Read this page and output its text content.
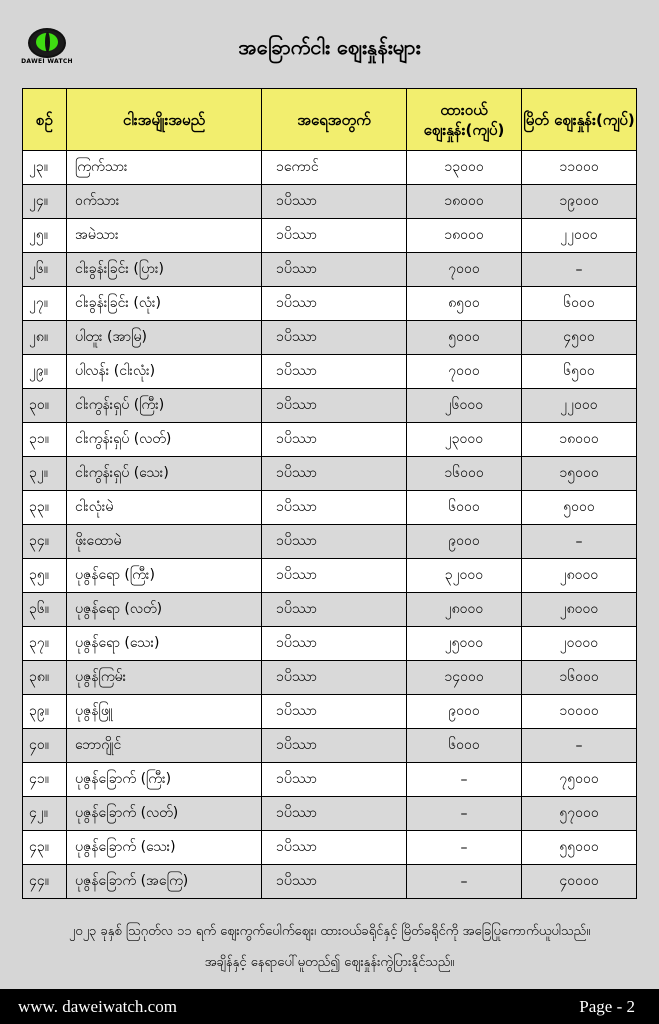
DAWEI WATCH
အခြောက်ငါး ဈေးနှုန်းများ
စဉ်	ငါးအမျိုးအမည်	အရေအတွက်	ထားဝယ် ဈေးနှုန်း(ကျပ်)	မြိတ် ဈေးနှုန်း(ကျပ်)
၂၃။	ကြက်သား	၁ကောင်	၁၃၀၀၀	၁၁၀၀၀
၂၄။	ဝက်သား	၁ပိဿာ	၁၈၀၀၀	၁၉၀၀၀
၂၅။	အမဲသား	၁ပိဿာ	၁၈၀၀၀	၂၂၀၀၀
၂၆။	ငါးခွန်းခြင်း (ပြား)	၁ပိဿာ	၇၀၀၀	–
၂၇။	ငါးခွန်းခြင်း (လုံး)	၁ပိဿာ	၈၅၀၀	၆၀၀၀
၂၈။	ပါတူး (အာမြ)	၁ပိဿာ	၅၀၀၀	၄၅၀၀
၂၉။	ပါလန်း (ငါးလုံး)	၁ပိဿာ	၇၀၀၀	၆၅၀၀
၃၀။	ငါးကွန်းရှပ် (ကြီး)	၁ပိဿာ	၂၆၀၀၀	၂၂၀၀၀
၃၁။	ငါးကွန်းရှပ် (လတ်)	၁ပိဿာ	၂၃၀၀၀	၁၈၀၀၀
၃၂။	ငါးကွန်းရှပ် (သေး)	၁ပိဿာ	၁၆၀၀၀	၁၅၀၀၀
၃၃။	ငါးလုံးမဲ	၁ပိဿာ	၆၀၀၀	၅၀၀၀
၃၄။	ဖိုးထောမဲ	၁ပိဿာ	၉၀၀၀	–
၃၅။	ပုဇွန်ရော (ကြီး)	၁ပိဿာ	၃၂၀၀၀	၂၈၀၀၀
၃၆။	ပုဇွန်ရော (လတ်)	၁ပိဿာ	၂၈၀၀၀	၂၈၀၀၀
၃၇။	ပုဇွန်ရော (သေး)	၁ပိဿာ	၂၅၀၀၀	၂၀၀၀၀
၃၈။	ပုဇွန်ကြမ်း	၁ပိဿာ	၁၄၀၀၀	၁၆၀၀၀
၃၉။	ပုဇွန်ဖြူ	၁ပိဿာ	၉၀၀၀	၁၀၀၀၀
၄၀။	ဘောဂျိုင်	၁ပိဿာ	၆၀၀၀	–
၄၁။	ပုဇွန်ခြောက် (ကြီး)	၁ပိဿာ	–	၇၅၀၀၀
၄၂။	ပုဇွန်ခြောက် (လတ်)	၁ပိဿာ	–	၅၇၀၀၀
၄၃။	ပုဇွန်ခြောက် (သေး)	၁ပိဿာ	–	၅၅၀၀၀
၄၄။	ပုဇွန်ခြောက် (အကြေ)	၁ပိဿာ	–	၄၀၀၀၀
၂၀၂၃ ခုနှစ် ဩဂုတ်လ ၁၁ ရက် ဈေးကွက်ပေါက်ဈေး၊ ထားဝယ်ခရိုင်နှင့် မြိတ်ခရိုင်ကို အခြေပြုကောက်ယူပါသည်။
အချိန်နှင့် နေရာပေါ်မူတည်၍ ဈေးနှုန်းကွဲပြားနိုင်သည်။
www. daweiwatch.com	Page - 2
